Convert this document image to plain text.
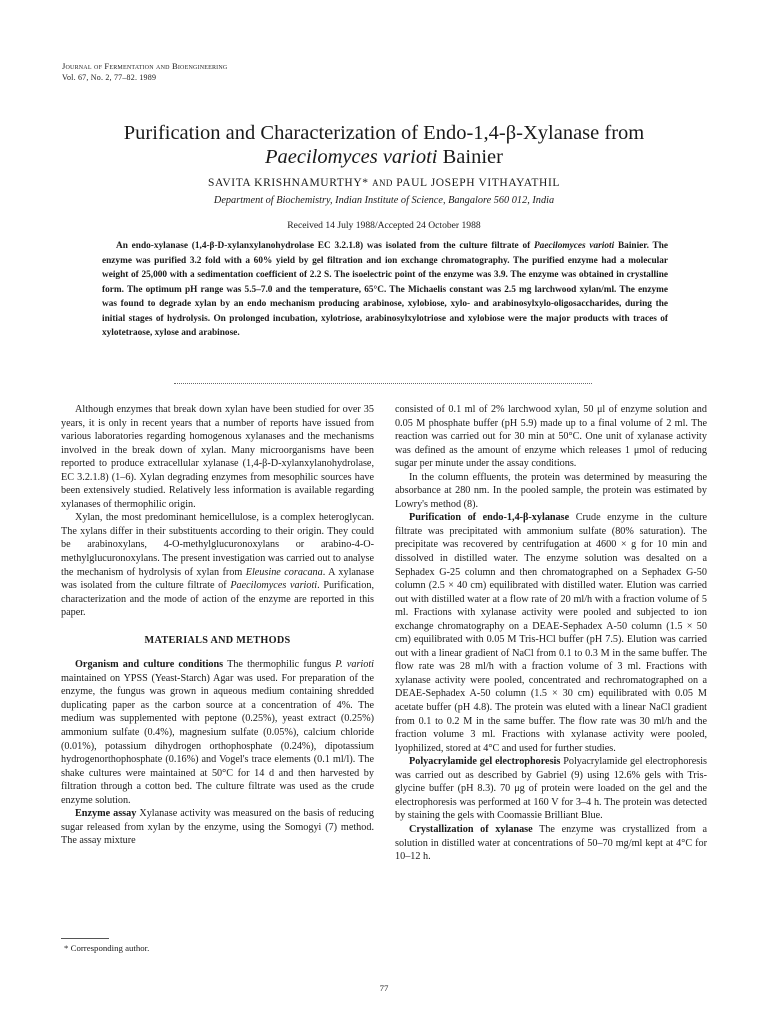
Journal of Fermentation and Bioengineering
Vol. 67, No. 2, 77–82. 1989
Purification and Characterization of Endo-1,4-β-Xylanase from
Paecilomyces varioti Bainier
SAVITA KRISHNAMURTHY* AND PAUL JOSEPH VITHAYATHIL
Department of Biochemistry, Indian Institute of Science, Bangalore 560 012, India
Received 14 July 1988/Accepted 24 October 1988

An endo-xylanase (1,4-β-D-xylanxylanohydrolase EC 3.2.1.8) was isolated from the culture filtrate of Paecilomyces varioti Bainier. The enzyme was purified 3.2 fold with a 60% yield by gel filtration and ion exchange chromatography. The purified enzyme had a molecular weight of 25,000 with a sedimentation coefficient of 2.2 S. The isoelectric point of the enzyme was 3.9. The enzyme was obtained in crystalline form. The optimum pH range was 5.5–7.0 and the temperature, 65°C. The Michaelis constant was 2.5 mg larchwood xylan/ml. The enzyme was found to degrade xylan by an endo mechanism producing arabinose, xylobiose, xylo- and arabinosylxylo-oligosaccharides, during the initial stages of hydrolysis. On prolonged incubation, xylotriose, arabinosylxylotriose and xylobiose were the major products with traces of xylotetraose, xylose and arabinose.

Although enzymes that break down xylan have been studied for over 35 years, it is only in recent years that a number of reports have issued from various laboratories regarding homogenous xylanases and the mechanisms involved in the break down of xylan. Many microorganisms have been reported to produce extracellular xylanase (1,4-β-D-xylanxylanohydrolase, EC 3.2.1.8) (1–6). Xylan degrading enzymes from mesophilic sources have been extensively studied. Relatively less information is available regarding xylanases of thermophilic origin.

Xylan, the most predominant hemicellulose, is a complex heteroglycan. The xylans differ in their substituents according to their origin. They could be arabinoxylans, 4-O-methylglucuronoxylans or arabino-4-O-methylglucuronoxylans. The present investigation was carried out to analyse the mechanism of hydrolysis of xylan from Eleusine coracana. A xylanase was isolated from the culture filtrate of Paecilomyces varioti. Purification, characterization and the mode of action of the enzyme are reported in this paper.

MATERIALS AND METHODS

Organism and culture conditions The thermophilic fungus P. varioti maintained on YPSS (Yeast-Starch) Agar was used. For preparation of the enzyme, the fungus was grown in aqueous medium containing shredded duplicating paper as the carbon source at a concentration of 4%. The medium was supplemented with peptone (0.25%), yeast extract (0.25%) ammonium sulfate (0.4%), magnesium sulfate (0.05%), calcium chloride (0.01%), potassium dihydrogen orthophosphate (0.24%), dipotassium hydrogenorthophosphate (0.16%) and Vogel's trace elements (0.1 ml/l). The shake cultures were maintained at 50°C for 14 d and then harvested by filtration through a cotton bed. The culture filtrate was used as the crude enzyme solution.

Enzyme assay Xylanase activity was measured on the basis of reducing sugar released from xylan by the enzyme, using the Somogyi (7) method. The assay mixture

consisted of 0.1 ml of 2% larchwood xylan, 50 μl of enzyme solution and 0.05 M phosphate buffer (pH 5.9) made up to a final volume of 2 ml. The reaction was carried out for 30 min at 50°C. One unit of xylanase activity was defined as the amount of enzyme which releases 1 μmol of reducing sugar per minute under the assay conditions.

In the column effluents, the protein was determined by measuring the absorbance at 280 nm. In the pooled sample, the protein was estimated by Lowry's method (8).

Purification of endo-1,4-β-xylanase Crude enzyme in the culture filtrate was precipitated with ammonium sulfate (80% saturation). The precipitate was recovered by centrifugation at 4600 × g for 10 min and dissolved in distilled water. The enzyme solution was desalted on a Sephadex G-25 column and then chromatographed on a Sephadex G-50 column (2.5 × 40 cm) equilibrated with distilled water. Elution was carried out with distilled water at a flow rate of 20 ml/h with a fraction volume of 5 ml. Fractions with xylanase activity were pooled and subjected to ion exchange chromatography on a DEAE-Sephadex A-50 column (1.5 × 50 cm) equilibrated with 0.05 M Tris-HCl buffer (pH 7.5). Elution was carried out with a linear gradient of NaCl from 0.1 to 0.3 M in the same buffer. The flow rate was 28 ml/h with a fraction volume of 3 ml. Fractions with xylanase activity were pooled, concentrated and rechromatographed on a DEAE-Sephadex A-50 column (1.5 × 30 cm) equilibrated with 0.05 M acetate buffer (pH 4.8). The protein was eluted with a linear NaCl gradient from 0.1 to 0.2 M in the same buffer. The flow rate was 30 ml/h and the fraction volume 3 ml. Fractions with xylanase activity were pooled, lyophilized, stored at 4°C and used for further studies.

Polyacrylamide gel electrophoresis Polyacrylamide gel electrophoresis was carried out as described by Gabriel (9) using 12.6% gels with Tris-glycine buffer (pH 8.3). 70 μg of protein were loaded on the gel and the electrophoresis was performed at 160 V for 3–4 h. The protein was detected by staining the gels with Coomassie Brilliant Blue.

Crystallization of xylanase The enzyme was crystallized from a solution in distilled water at concentrations of 50–70 mg/ml kept at 4°C for 10–12 h.

* Corresponding author.
77
